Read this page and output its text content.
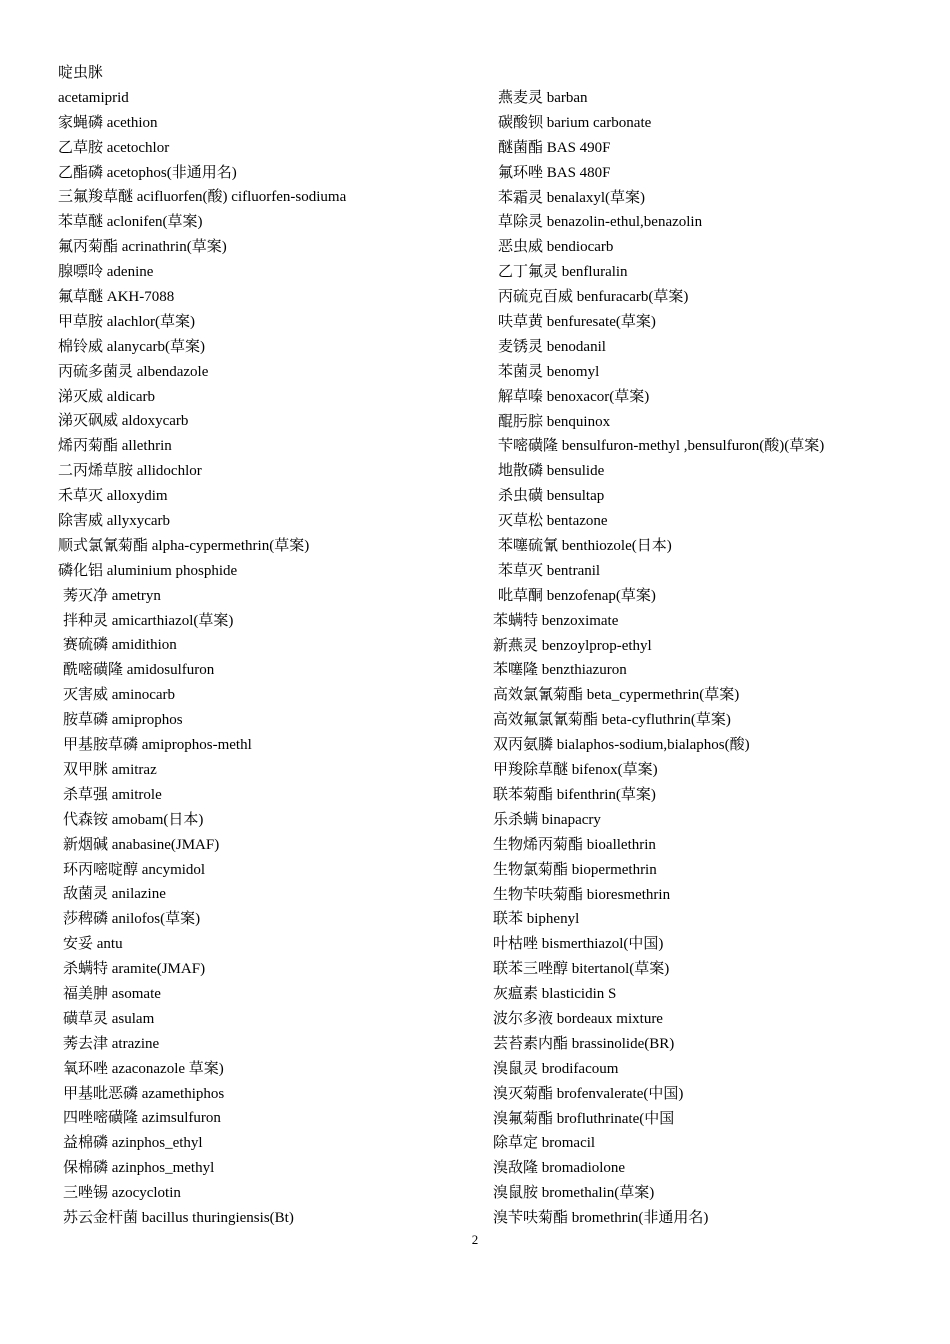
啶虫脒
acetamiprid
家蝇磷 acethion
乙草胺 acetochlor
乙酯磷 acetophos(非通用名)
三氟羧草醚 acifluorfen(酸) cifluorfen-sodiuma
苯草醚 aclonifen(草案)
氟丙菊酯 acrinathrin(草案)
腺嘌呤 adenine
氟草醚 AKH-7088
甲草胺 alachlor(草案)
棉铃威 alanycarb(草案)
丙硫多菌灵 albendazole
涕灭威 aldicarb
涕灭砜威 aldoxycarb
烯丙菊酯 allethrin
二丙烯草胺 allidochlor
禾草灭 alloxydim
除害威 allyxycarb
顺式氯氰菊酯 alpha-cypermethrin(草案)
磷化铝 aluminium phosphide
莠灭净 ametryn
拌种灵 amicarthiazol(草案)
赛硫磷 amidithion
酰嘧磺隆 amidosulfuron
灭害威 aminocarb
胺草磷 amiprophos
甲基胺草磷 amiprophos-methl
双甲脒 amitraz
杀草强 amitrole
代森铵 amobam(日本)
新烟碱 anabasine(JMAF)
环丙嘧啶醇 ancymidol
敌菌灵 anilazine
莎稗磷 anilofos(草案)
安妥 antu
杀螨特 aramite(JMAF)
福美胂 asomate
磺草灵 asulam
莠去津 atrazine
氧环唑 azaconazole 草案)
甲基吡恶磷 azamethiphos
四唑嘧磺隆 azimsulfuron
益棉磷 azinphos_ethyl
保棉磷 azinphos_methyl
三唑锡 azocyclotin
苏云金杆菌 bacillus thuringiensis(Bt)
燕麦灵 barban
碳酸钡 barium carbonate
醚菌酯 BAS 490F
氟环唑 BAS 480F
苯霜灵 benalaxyl(草案)
草除灵 benazolin-ethul,benazolin
恶虫威 bendiocarb
乙丁氟灵 benfluralin
丙硫克百威 benfuracarb(草案)
呋草黄 benfuresate(草案)
麦锈灵 benodanil
苯菌灵 benomyl
解草嗪 benoxacor(草案)
醌肟腙 benquinox
苄嘧磺隆 bensulfuron-methyl ,bensulfuron(酸)(草案)
地散磷 bensulide
杀虫磺 bensultap
灭草松 bentazone
苯噻硫氰 benthiozole(日本)
苯草灭 bentranil
吡草酮 benzofenap(草案)
苯螨特 benzoximate
新燕灵 benzoylprop-ethyl
苯噻隆 benzthiazuron
高效氯氰菊酯 beta_cypermethrin(草案)
高效氟氯氰菊酯 beta-cyfluthrin(草案)
双丙氨膦 bialaphos-sodium,bialaphos(酸)
甲羧除草醚 bifenox(草案)
联苯菊酯 bifenthrin(草案)
乐杀螨 binapacry
生物烯丙菊酯 bioallethrin
生物氯菊酯 biopermethrin
生物苄呋菊酯 bioresmethrin
联苯 biphenyl
叶枯唑 bismerthiazol(中国)
联苯三唑醇 bitertanol(草案)
灰瘟素 blasticidin S
波尔多液 bordeaux mixture
芸苔素内酯 brassinolide(BR)
溴鼠灵 brodifacoum
溴灭菊酯 brofenvalerate(中国)
溴氟菊酯 brofluthrinate(中国
除草定 bromacil
溴敌隆 bromadiolone
溴鼠胺 bromethalin(草案)
溴苄呋菊酯 bromethrin(非通用名)
2
